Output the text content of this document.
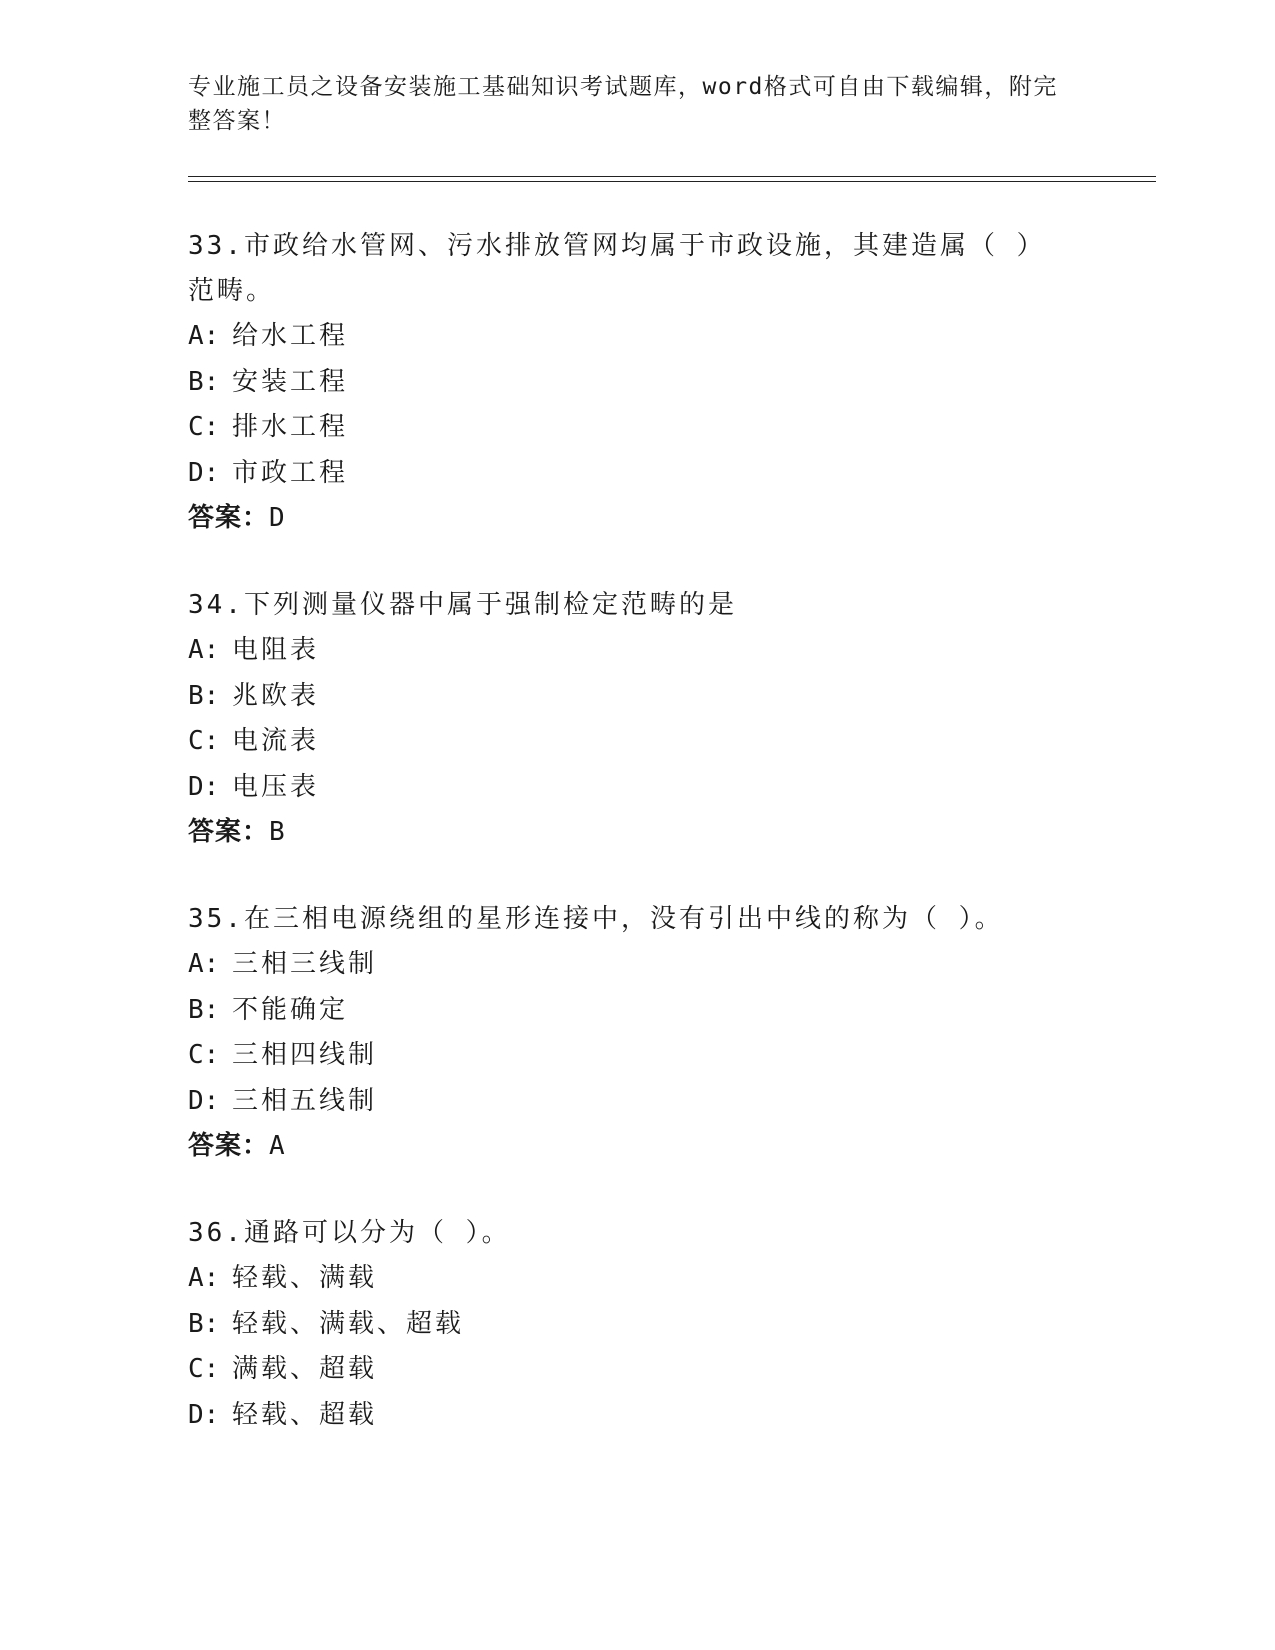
专业施工员之设备安装施工基础知识考试题库，word格式可自由下载编辑，附完整答案！

33.市政给水管网、污水排放管网均属于市政设施，其建造属（ ）范畴。

A: 给水工程

B: 安装工程

C: 排水工程

D: 市政工程

答案：D

34.下列测量仪器中属于强制检定范畴的是

A: 电阻表

B: 兆欧表

C: 电流表

D: 电压表

答案：B

35.在三相电源绕组的星形连接中，没有引出中线的称为（ ）。

A: 三相三线制

B: 不能确定

C: 三相四线制

D: 三相五线制

答案：A

36.通路可以分为（ ）。

A: 轻载、满载

B: 轻载、满载、超载

C: 满载、超载

D: 轻载、超载
